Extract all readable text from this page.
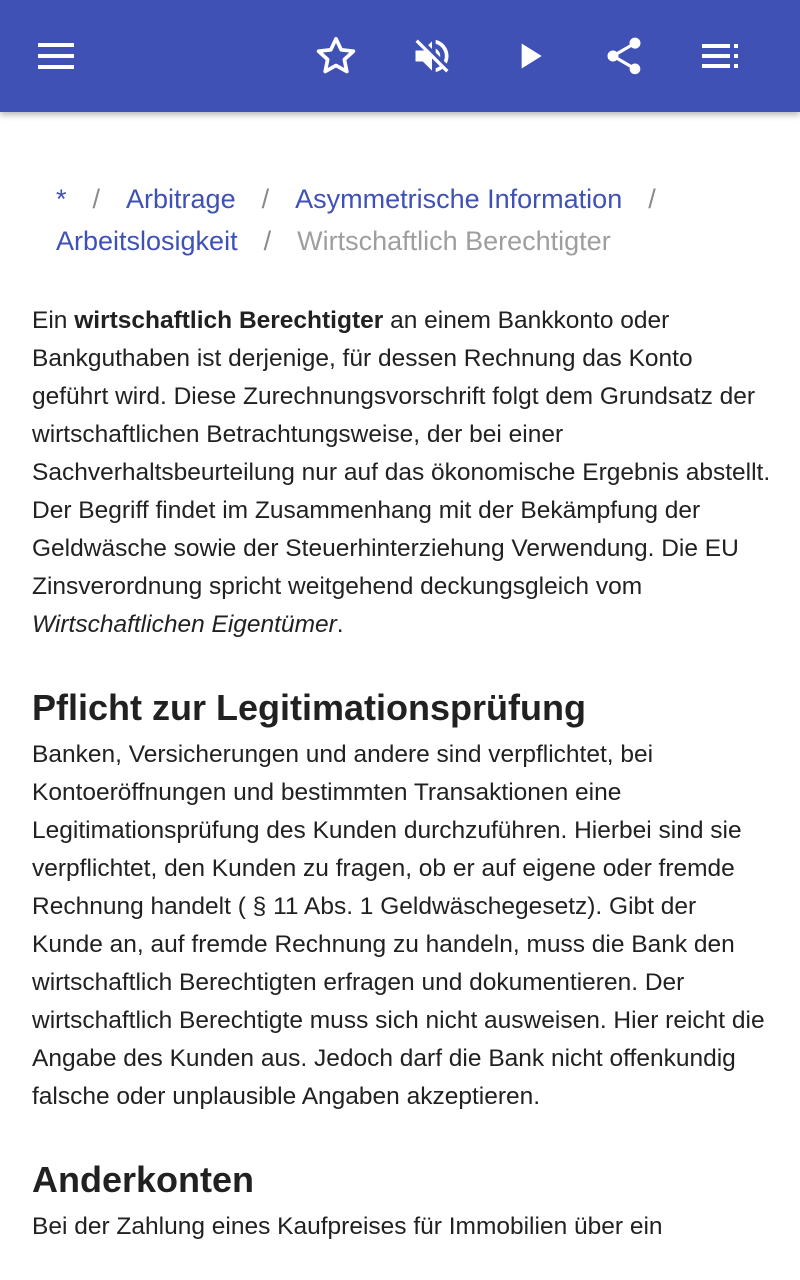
* / Arbitrage / Asymmetrische Information /
Arbeitslosigkeit / Wirtschaftlich Berechtigter

Ein wirtschaftlich Berechtigter an einem Bankkonto oder Bankguthaben ist derjenige, für dessen Rechnung das Konto geführt wird. Diese Zurechnungsvorschrift folgt dem Grundsatz der wirtschaftlichen Betrachtungsweise, der bei einer Sachverhaltsbeurteilung nur auf das ökonomische Ergebnis abstellt. Der Begriff findet im Zusammenhang mit der Bekämpfung der Geldwäsche sowie der Steuerhinterziehung Verwendung. Die EU Zinsverordnung spricht weitgehend deckungsgleich vom Wirtschaftlichen Eigentümer.

Pflicht zur Legitimationsprüfung

Banken, Versicherungen und andere sind verpflichtet, bei Kontoeröffnungen und bestimmten Transaktionen eine Legitimationsprüfung des Kunden durchzuführen. Hierbei sind sie verpflichtet, den Kunden zu fragen, ob er auf eigene oder fremde Rechnung handelt ( § 11 Abs. 1 Geldwäschegesetz). Gibt der Kunde an, auf fremde Rechnung zu handeln, muss die Bank den wirtschaftlich Berechtigten erfragen und dokumentieren. Der wirtschaftlich Berechtigte muss sich nicht ausweisen. Hier reicht die Angabe des Kunden aus. Jedoch darf die Bank nicht offenkundig falsche oder unplausible Angaben akzeptieren.

Anderkonten

Bei der Zahlung eines Kaufpreises für Immobilien über ein
